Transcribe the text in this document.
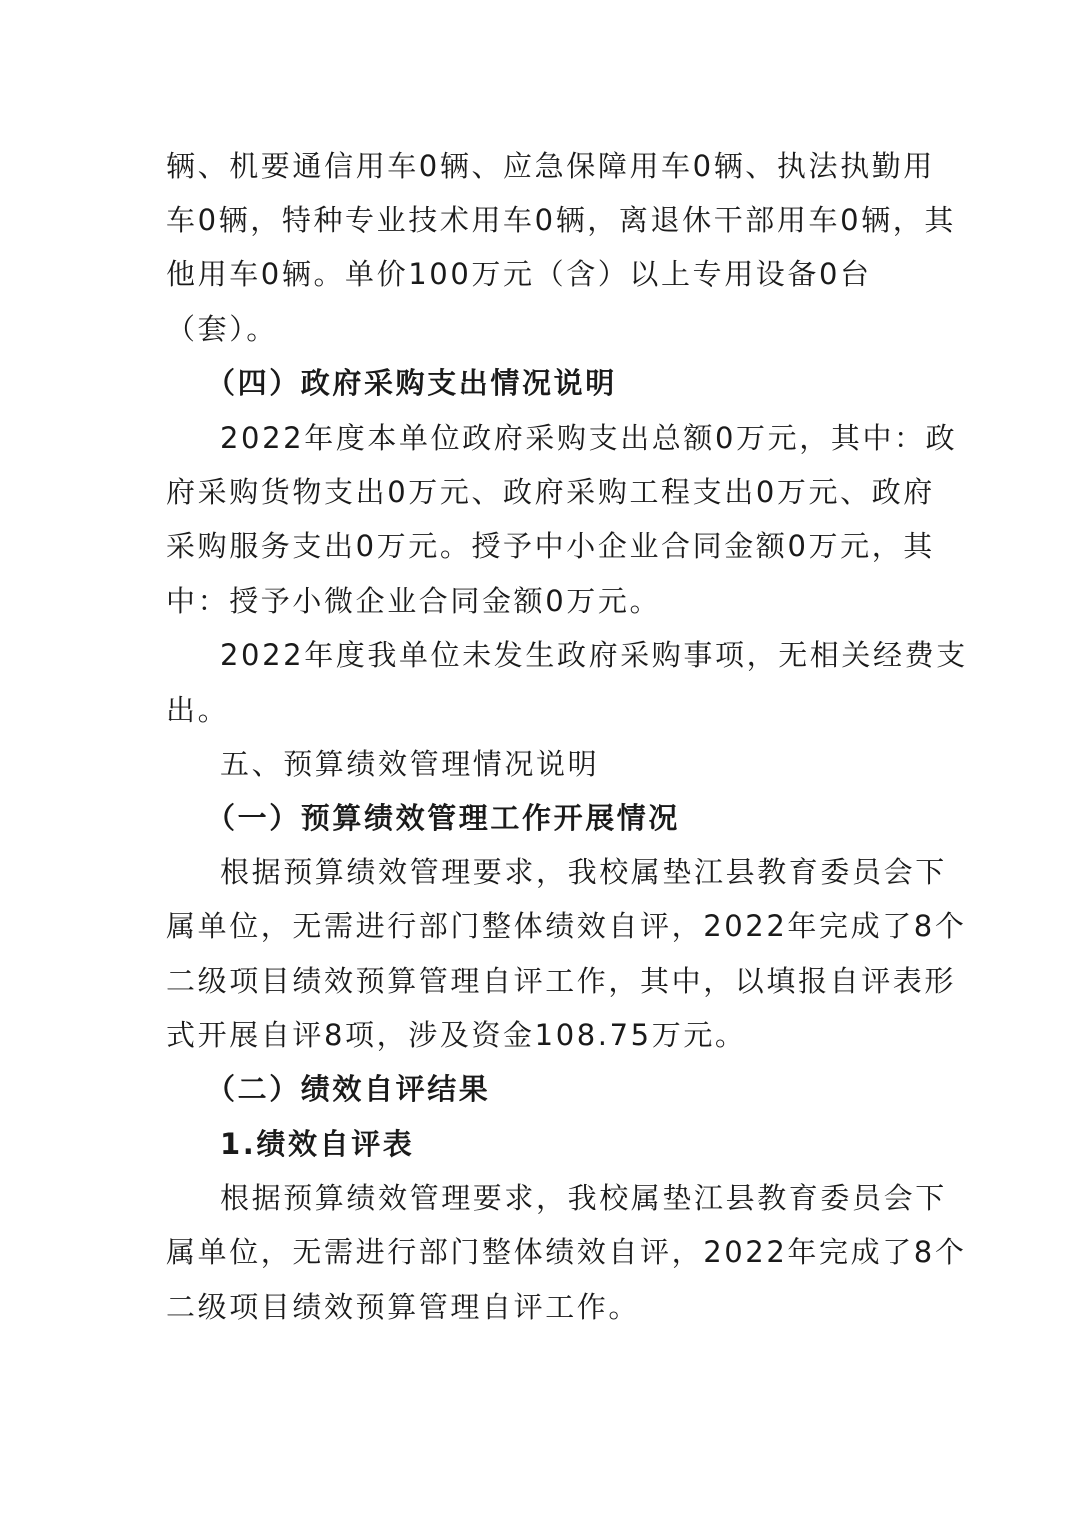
辆、机要通信用车0辆、应急保障用车0辆、执法执勤用
车0辆，特种专业技术用车0辆，离退休干部用车0辆，其
他用车0辆。单价100万元（含）以上专用设备0台
（套）。
（四）政府采购支出情况说明
2022年度本单位政府采购支出总额0万元，其中：政
府采购货物支出0万元、政府采购工程支出0万元、政府
采购服务支出0万元。授予中小企业合同金额0万元，其
中：授予小微企业合同金额0万元。
2022年度我单位未发生政府采购事项，无相关经费支
出。
五、预算绩效管理情况说明
（一）预算绩效管理工作开展情况
根据预算绩效管理要求，我校属垫江县教育委员会下
属单位，无需进行部门整体绩效自评，2022年完成了8个
二级项目绩效预算管理自评工作，其中，以填报自评表形
式开展自评8项，涉及资金108.75万元。
（二）绩效自评结果
1.绩效自评表
根据预算绩效管理要求，我校属垫江县教育委员会下
属单位，无需进行部门整体绩效自评，2022年完成了8个
二级项目绩效预算管理自评工作。
